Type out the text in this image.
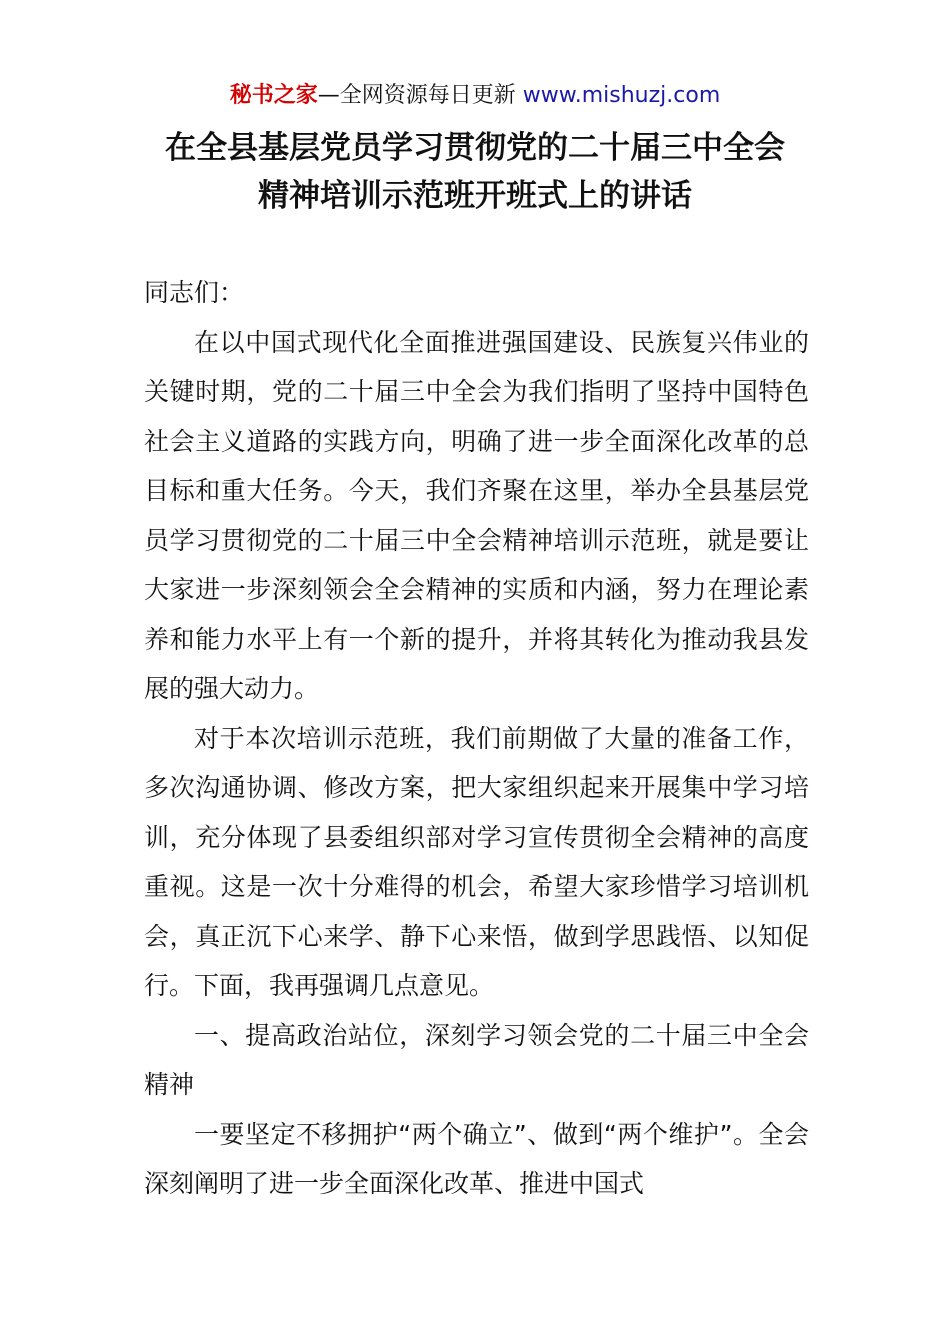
秘书之家—全网资源每日更新 www.mishuzj.com
在全县基层党员学习贯彻党的二十届三中全会
精神培训示范班开班式上的讲话

同志们：

在以中国式现代化全面推进强国建设、民族复兴伟业的关键时期，党的二十届三中全会为我们指明了坚持中国特色社会主义道路的实践方向，明确了进一步全面深化改革的总目标和重大任务。今天，我们齐聚在这里，举办全县基层党员学习贯彻党的二十届三中全会精神培训示范班，就是要让大家进一步深刻领会全会精神的实质和内涵，努力在理论素养和能力水平上有一个新的提升，并将其转化为推动我县发展的强大动力。

对于本次培训示范班，我们前期做了大量的准备工作，多次沟通协调、修改方案，把大家组织起来开展集中学习培训，充分体现了县委组织部对学习宣传贯彻全会精神的高度重视。这是一次十分难得的机会，希望大家珍惜学习培训机会，真正沉下心来学、静下心来悟，做到学思践悟、以知促行。下面，我再强调几点意见。

一、提高政治站位，深刻学习领会党的二十届三中全会精神

一要坚定不移拥护“两个确立”、做到“两个维护”。全会深刻阐明了进一步全面深化改革、推进中国式
